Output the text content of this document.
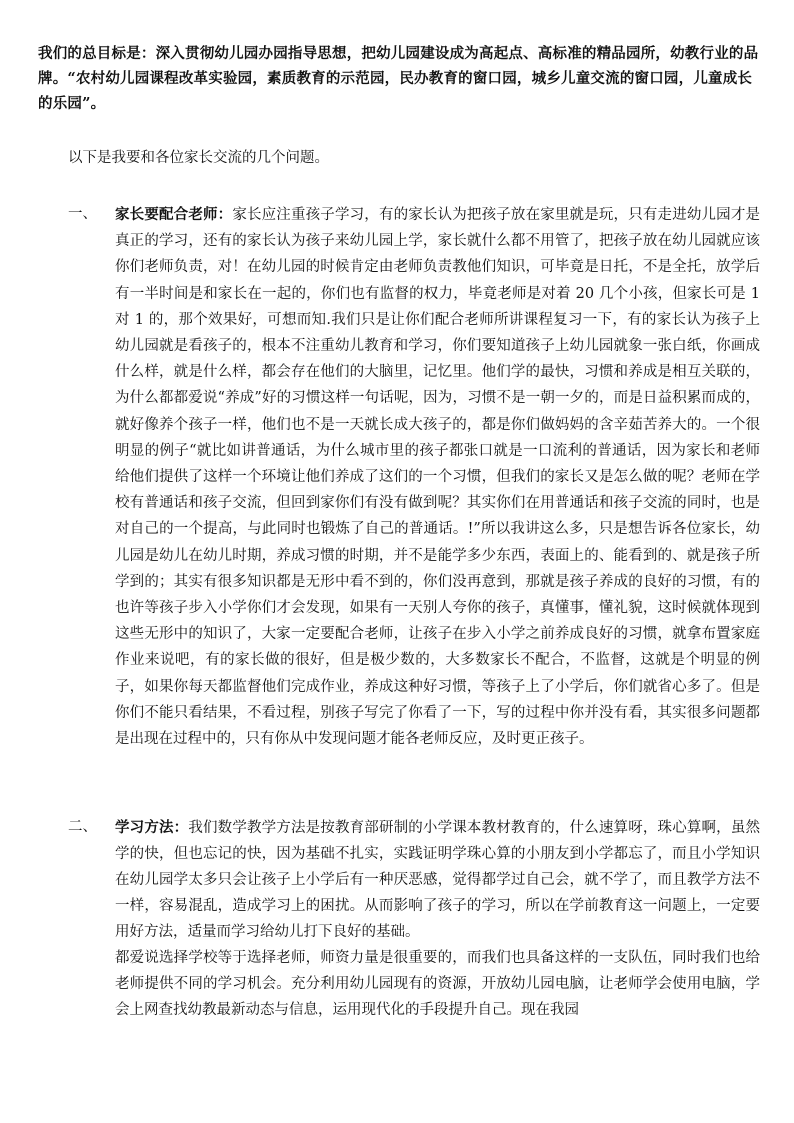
我们的总目标是：深入贯彻幼儿园办园指导思想，把幼儿园建设成为高起点、高标准的精品园所，幼教行业的品牌。“农村幼儿园课程改革实验园，素质教育的示范园，民办教育的窗口园，城乡儿童交流的窗口园，儿童成长的乐园”。
以下是我要和各位家长交流的几个问题。
一、 家长要配合老师：家长应注重孩子学习，有的家长认为把孩子放在家里就是玩，只有走进幼儿园才是真正的学习，还有的家长认为孩子来幼儿园上学，家长就什么都不用管了，把孩子放在幼儿园就应该你们老师负责，对！在幼儿园的时候肯定由老师负责教他们知识，可毕竟是日托，不是全托，放学后有一半时间是和家长在一起的，你们也有监督的权力，毕竟老师是对着 20 几个小孩，但家长可是 1 对 1 的，那个效果好，可想而知.我们只是让你们配合老师所讲课程复习一下，有的家长认为孩子上幼儿园就是看孩子的，根本不注重幼儿教育和学习，你们要知道孩子上幼儿园就象一张白纸，你画成什么样，就是什么样，都会存在他们的大脑里，记忆里。他们学的最快，习惯和养成是相互关联的，为什么都都爱说“养成”好的习惯这样一句话呢，因为，习惯不是一朝一夕的，而是日益积累而成的，就好像养个孩子一样，他们也不是一天就长成大孩子的，都是你们做妈妈的含辛茹苦养大的。一个很明显的例子“就比如讲普通话，为什么城市里的孩子都张口就是一口流利的普通话，因为家长和老师给他们提供了这样一个环境让他们养成了这们的一个习惯，但我们的家长又是怎么做的呢？老师在学校有普通话和孩子交流，但回到家你们有没有做到呢？其实你们在用普通话和孩子交流的同时，也是对自己的一个提高，与此同时也锻炼了自己的普通话。!”所以我讲这么多，只是想告诉各位家长，幼儿园是幼儿在幼儿时期，养成习惯的时期，并不是能学多少东西，表面上的、能看到的、就是孩子所学到的；其实有很多知识都是无形中看不到的，你们没再意到，那就是孩子养成的良好的习惯，有的也许等孩子步入小学你们才会发现，如果有一天别人夸你的孩子，真懂事，懂礼貌，这时候就体现到这些无形中的知识了，大家一定要配合老师，让孩子在步入小学之前养成良好的习惯，就拿布置家庭作业来说吧，有的家长做的很好，但是极少数的，大多数家长不配合，不监督，这就是个明显的例子，如果你每天都监督他们完成作业，养成这种好习惯，等孩子上了小学后，你们就省心多了。但是你们不能只看结果，不看过程，别孩子写完了你看了一下，写的过程中你并没有看，其实很多问题都是出现在过程中的，只有你从中发现问题才能各老师反应，及时更正孩子。

二、 学习方法：我们数学教学方法是按教育部研制的小学课本教材教育的，什么速算呀，珠心算啊，虽然学的快，但也忘记的快，因为基础不扎实，实践证明学珠心算的小朋友到小学都忘了，而且小学知识在幼儿园学太多只会让孩子上小学后有一种厌恶感，觉得都学过自己会，就不学了，而且教学方法不一样，容易混乱，造成学习上的困扰。从而影响了孩子的学习，所以在学前教育这一问题上，一定要用好方法，适量而学习给幼儿打下良好的基础。

都爱说选择学校等于选择老师，师资力量是很重要的，而我们也具备这样的一支队伍，同时我们也给老师提供不同的学习机会。充分利用幼儿园现有的资源，开放幼儿园电脑，让老师学会使用电脑，学会上网查找幼教最新动态与信息，运用现代化的手段提升自己。现在我园
